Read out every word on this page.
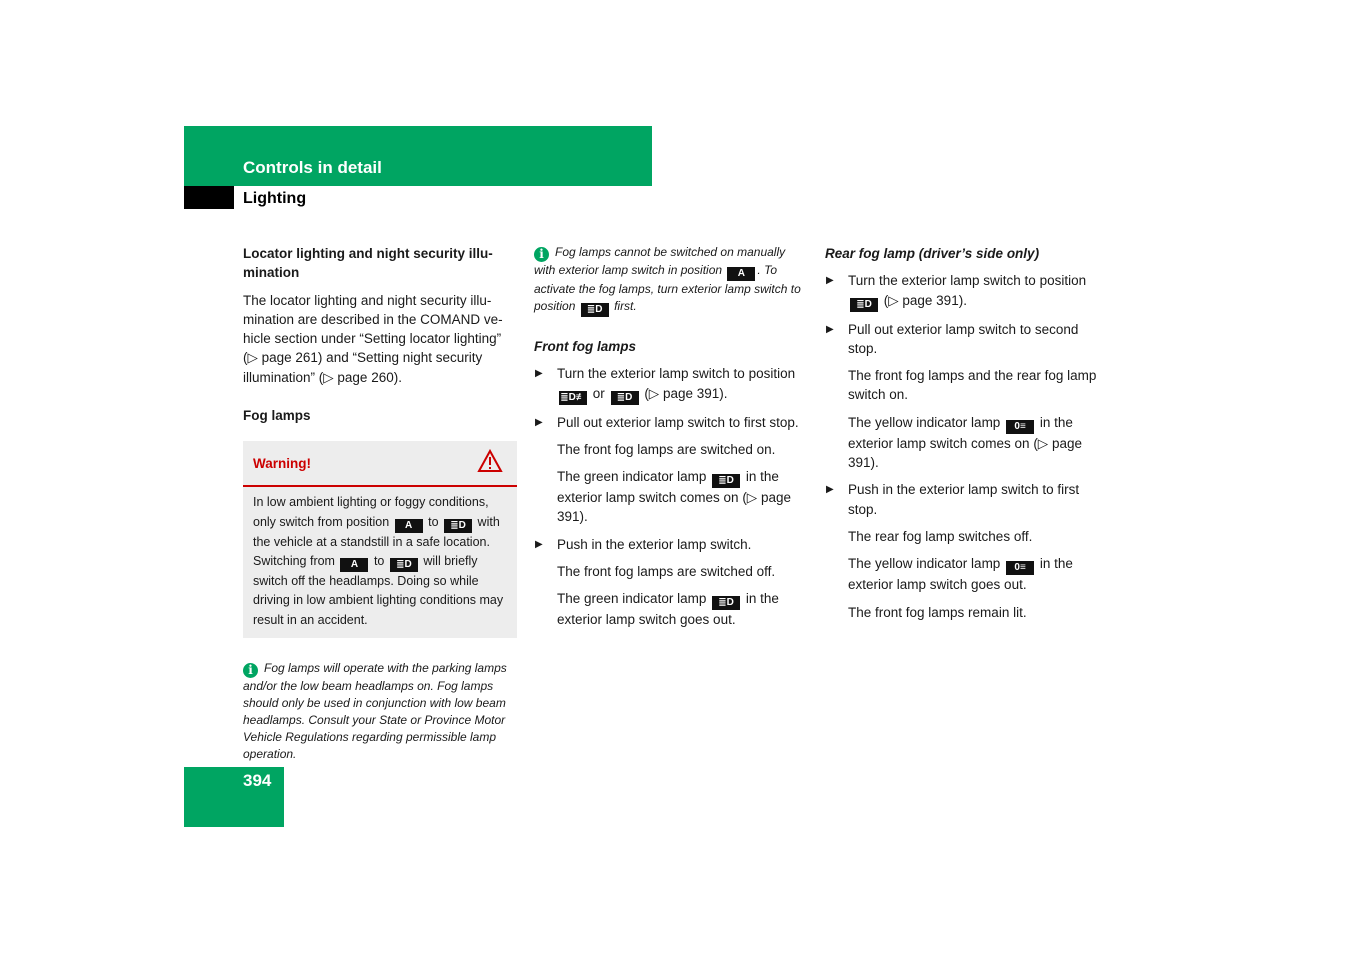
Controls in detail
Lighting
Locator lighting and night security illumination

The locator lighting and night security illumination are described in the COMAND vehicle section under “Setting locator lighting” (▷ page 261) and “Setting night security illumination” (▷ page 260).

Fog lamps
Warning!
In low ambient lighting or foggy conditions, only switch from position A to ≣D with the vehicle at a standstill in a safe location. Switching from A to ≣D will briefly switch off the headlamps. Doing so while driving in low ambient lighting conditions may result in an accident.

i Fog lamps will operate with the parking lamps and/or the low beam headlamps on. Fog lamps should only be used in conjunction with low beam headlamps. Consult your State or Province Motor Vehicle Regulations regarding permissible lamp operation.

i Fog lamps cannot be switched on manually with exterior lamp switch in position A . To activate the fog lamps, turn exterior lamp switch to position ≣D first.

Front fog lamps
▶ Turn the exterior lamp switch to position ≣D≢ or ≣D (▷ page 391).
▶ Pull out exterior lamp switch to first stop.
The front fog lamps are switched on.
The green indicator lamp ≣D in the exterior lamp switch comes on (▷ page 391).
▶ Push in the exterior lamp switch.
The front fog lamps are switched off.
The green indicator lamp ≣D in the exterior lamp switch goes out.
Rear fog lamp (driver’s side only)
▶ Turn the exterior lamp switch to position ≣D (▷ page 391).
▶ Pull out exterior lamp switch to second stop.
The front fog lamps and the rear fog lamp switch on.
The yellow indicator lamp 0≡ in the exterior lamp switch comes on (▷ page 391).
▶ Push in the exterior lamp switch to first stop.
The rear fog lamp switches off.
The yellow indicator lamp 0≡ in the exterior lamp switch goes out.
The front fog lamps remain lit.
394
